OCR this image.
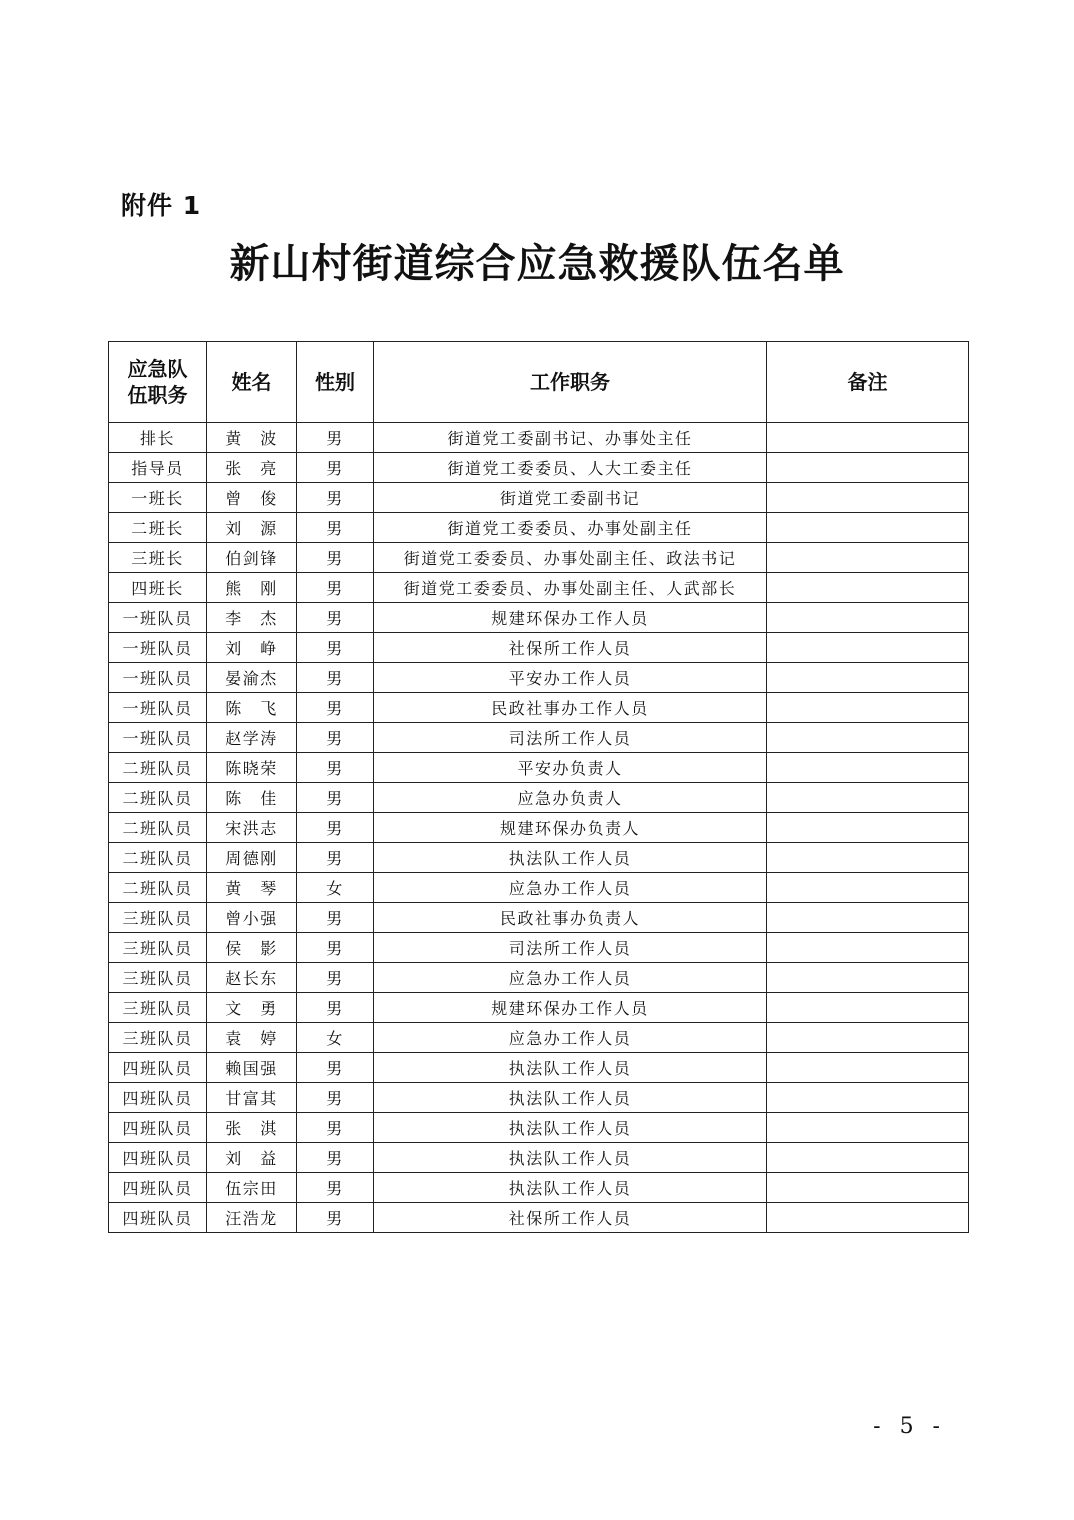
附件 1
新山村街道综合应急救援队伍名单
应急队伍职务	姓名	性别	工作职务	备注
排长	黄　波	男	街道党工委副书记、办事处主任	
指导员	张　亮	男	街道党工委委员、人大工委主任	
一班长	曾　俊	男	街道党工委副书记	
二班长	刘　源	男	街道党工委委员、办事处副主任	
三班长	伯剑锋	男	街道党工委委员、办事处副主任、政法书记	
四班长	熊　刚	男	街道党工委委员、办事处副主任、人武部长	
一班队员	李　杰	男	规建环保办工作人员	
一班队员	刘　峥	男	社保所工作人员	
一班队员	晏渝杰	男	平安办工作人员	
一班队员	陈　飞	男	民政社事办工作人员	
一班队员	赵学涛	男	司法所工作人员	
二班队员	陈晓荣	男	平安办负责人	
二班队员	陈　佳	男	应急办负责人	
二班队员	宋洪志	男	规建环保办负责人	
二班队员	周德刚	男	执法队工作人员	
二班队员	黄　琴	女	应急办工作人员	
三班队员	曾小强	男	民政社事办负责人	
三班队员	侯　影	男	司法所工作人员	
三班队员	赵长东	男	应急办工作人员	
三班队员	文　勇	男	规建环保办工作人员	
三班队员	袁　婷	女	应急办工作人员	
四班队员	赖国强	男	执法队工作人员	
四班队员	甘富其	男	执法队工作人员	
四班队员	张　淇	男	执法队工作人员	
四班队员	刘　益	男	执法队工作人员	
四班队员	伍宗田	男	执法队工作人员	
四班队员	汪浩龙	男	社保所工作人员	
- 5 -
